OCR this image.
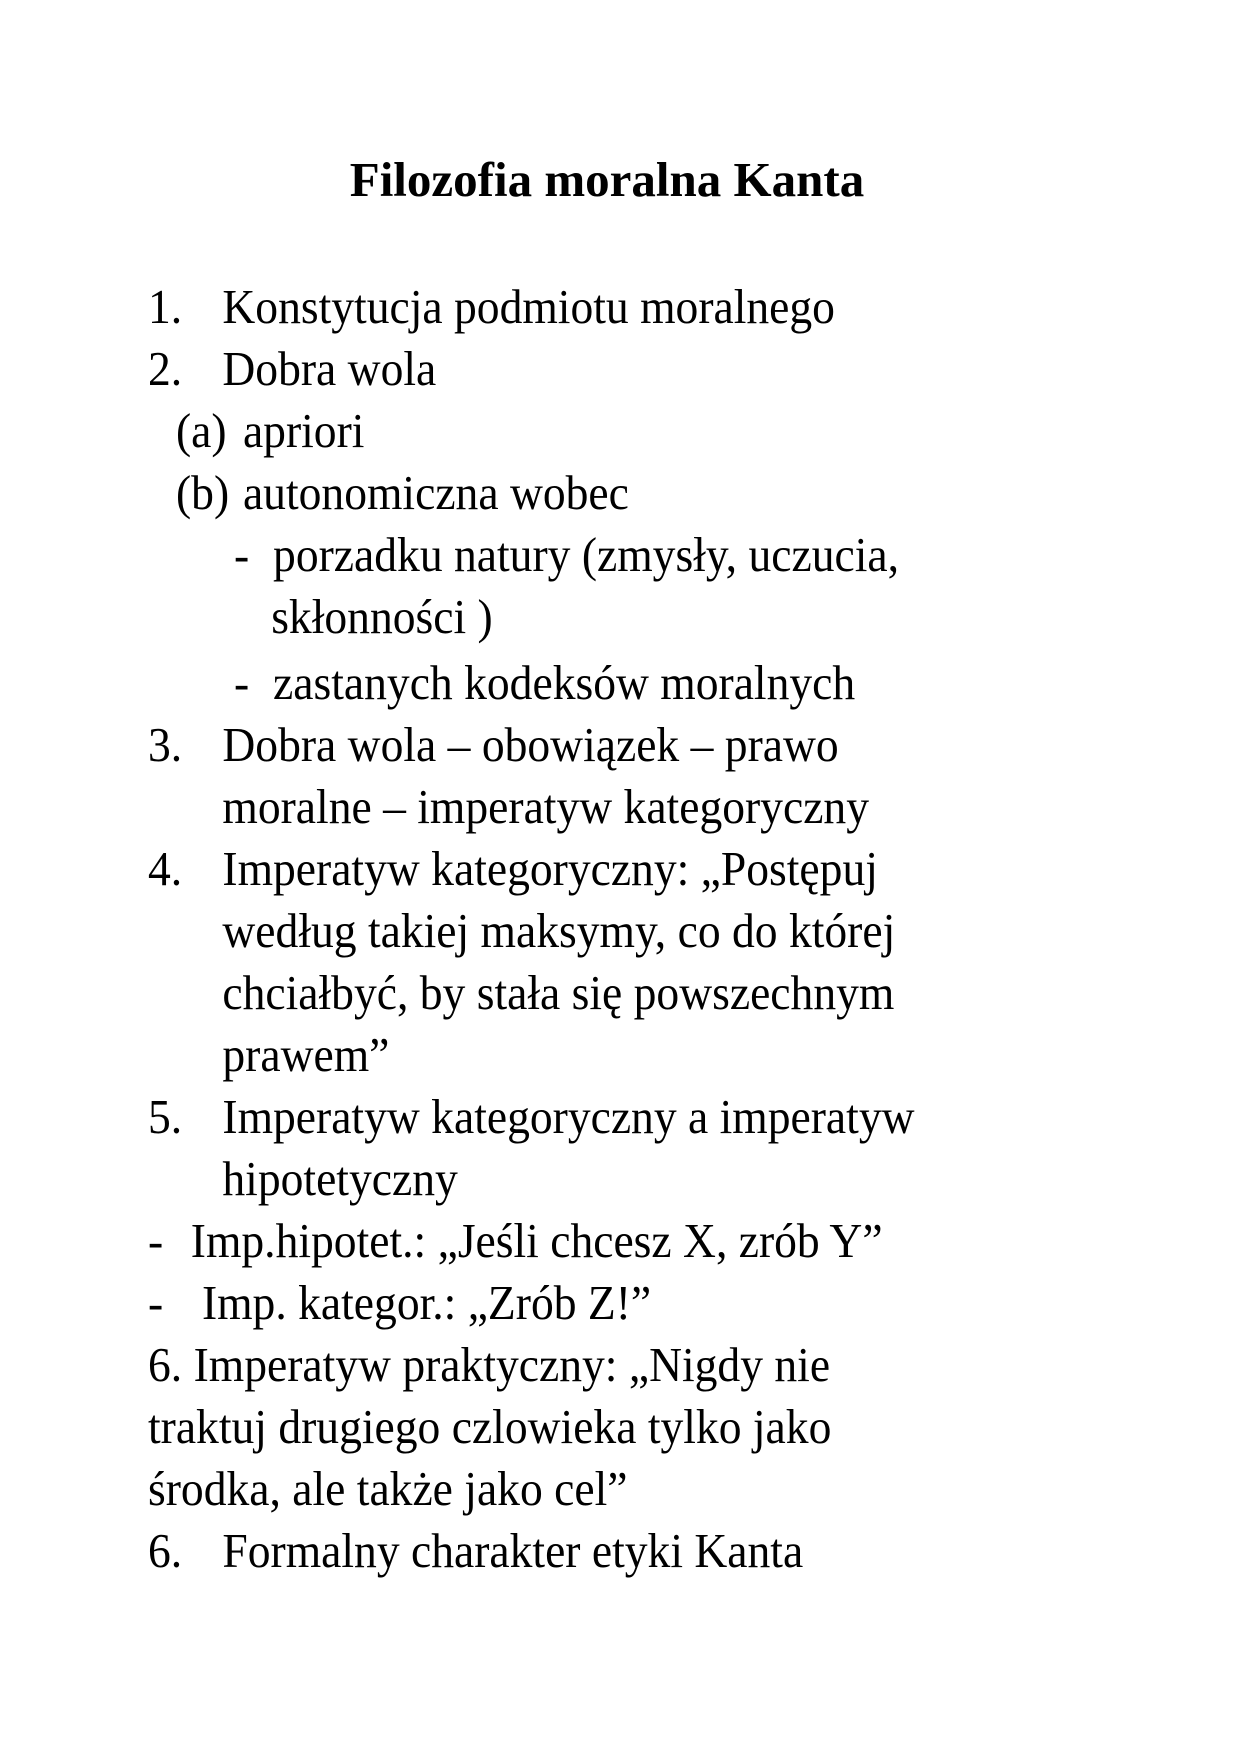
Filozofia moralna Kanta
1. Konstytucja podmiotu moralnego
2. Dobra wola
(a) apriori
(b) autonomiczna wobec
- porzadku natury (zmysły, uczucia,
skłonności )
- zastanych kodeksów moralnych
3. Dobra wola – obowiązek – prawo
moralne – imperatyw kategoryczny
4. Imperatyw kategoryczny: „Postępuj
według takiej maksymy, co do której
chciałbyć, by stała się powszechnym
prawem”
5. Imperatyw kategoryczny a imperatyw
hipotetyczny
- Imp.hipotet.: „Jeśli chcesz X, zrób Y”
- Imp. kategor.: „Zrób Z!”
6. Imperatyw praktyczny: „Nigdy nie
traktuj drugiego czlowieka tylko jako
środka, ale także jako cel”
6. Formalny charakter etyki Kanta
